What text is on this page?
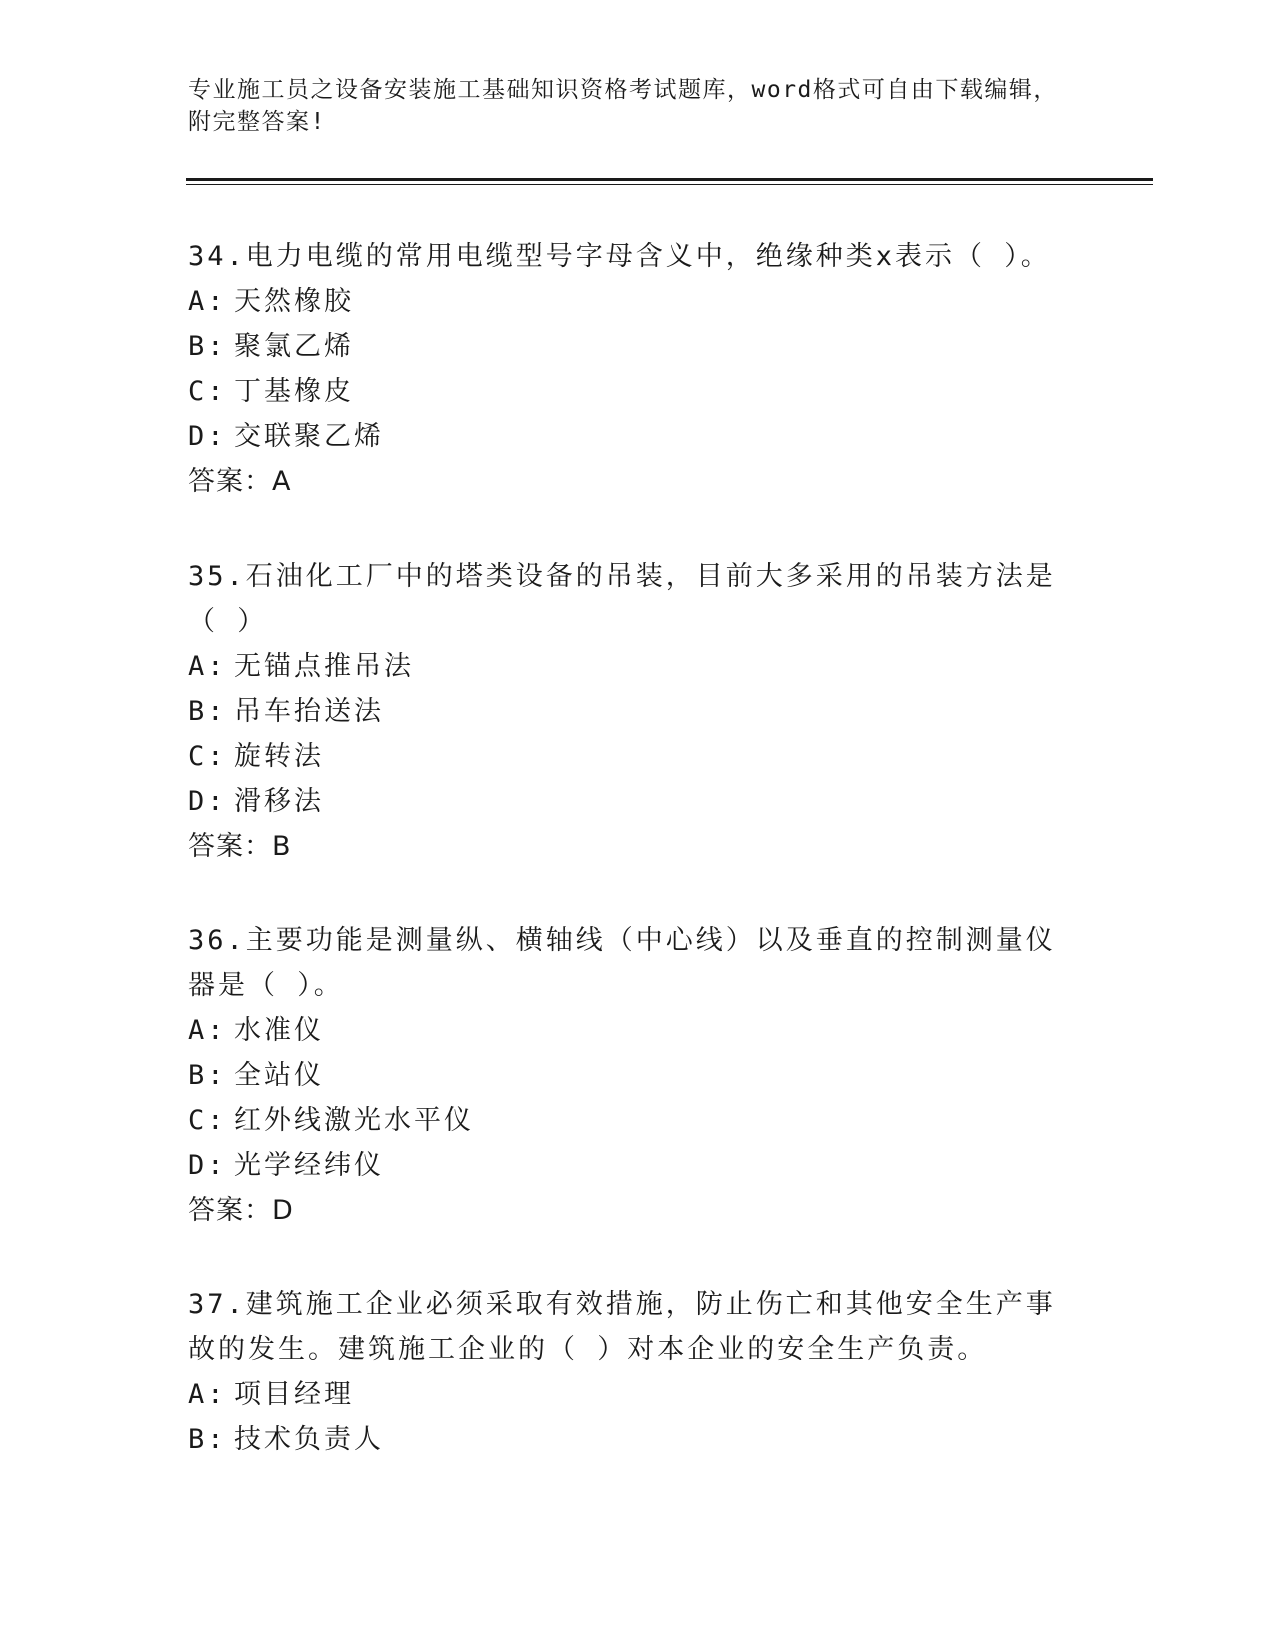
专业施工员之设备安装施工基础知识资格考试题库，word格式可自由下载编辑，
附完整答案!

34.电力电缆的常用电缆型号字母含义中，绝缘种类x表示（ ）。

A: 天然橡胶

B: 聚氯乙烯

C: 丁基橡皮

D: 交联聚乙烯

答案：A

35.石油化工厂中的塔类设备的吊装，目前大多采用的吊装方法是（ ）

A: 无锚点推吊法

B: 吊车抬送法

C: 旋转法

D: 滑移法

答案：B

36.主要功能是测量纵、横轴线（中心线）以及垂直的控制测量仪器是（ ）。

A: 水准仪

B: 全站仪

C: 红外线激光水平仪

D: 光学经纬仪

答案：D

37.建筑施工企业必须采取有效措施，防止伤亡和其他安全生产事故的发生。建筑施工企业的（ ）对本企业的安全生产负责。

A: 项目经理

B: 技术负责人
